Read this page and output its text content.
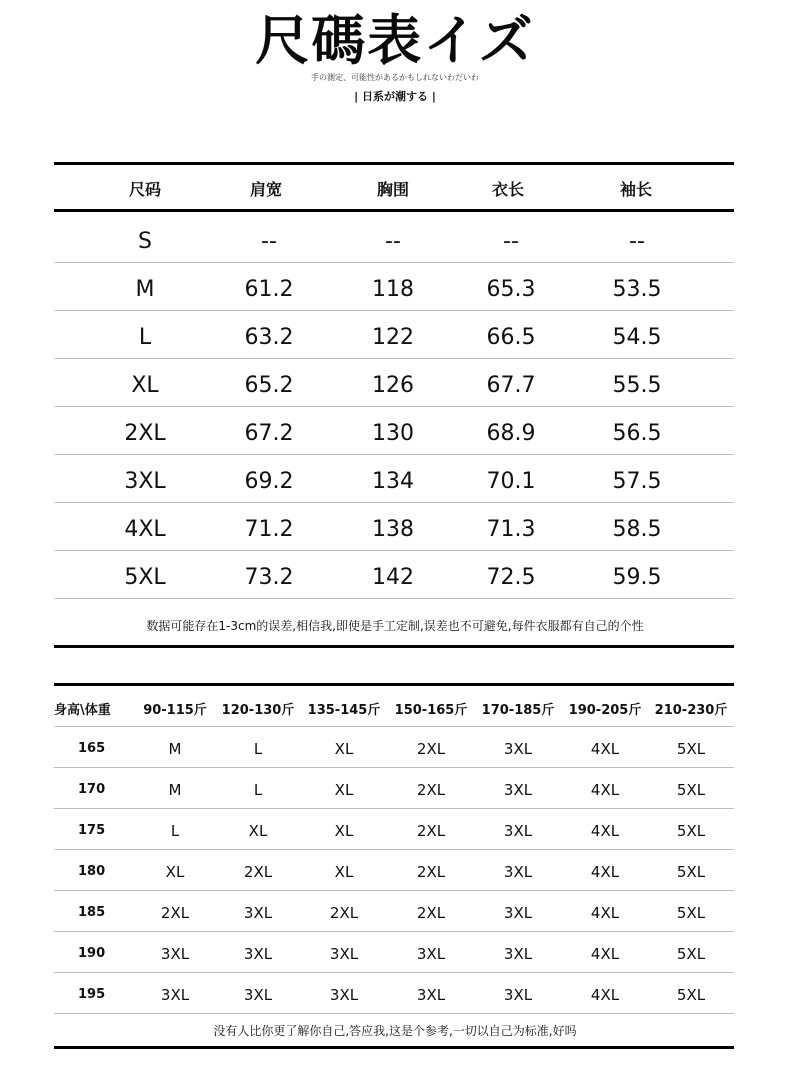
尺碼表イズ
手の測定、可能性があるかもしれないわだいわ
| 日系が潮する |
尺码	肩宽	胸围	衣长	袖长
S	--	--	--	--
M	61.2	118	65.3	53.5
L	63.2	122	66.5	54.5
XL	65.2	126	67.7	55.5
2XL	67.2	130	68.9	56.5
3XL	69.2	134	70.1	57.5
4XL	71.2	138	71.3	58.5
5XL	73.2	142	72.5	59.5
数据可能存在1-3cm的误差,相信我,即使是手工定制,误差也不可避免,每件衣服都有自己的个性
身高\体重 90-115斤 120-130斤 135-145斤 150-165斤 170-185斤 190-205斤 210-230斤
165	M	L	XL	2XL	3XL	4XL	5XL
170	M	L	XL	2XL	3XL	4XL	5XL
175	L	XL	XL	2XL	3XL	4XL	5XL
180	XL	2XL	XL	2XL	3XL	4XL	5XL
185	2XL	3XL	2XL	2XL	3XL	4XL	5XL
190	3XL	3XL	3XL	3XL	3XL	4XL	5XL
195	3XL	3XL	3XL	3XL	3XL	4XL	5XL
没有人比你更了解你自己,答应我,这是个参考,一切以自己为标准,好吗
